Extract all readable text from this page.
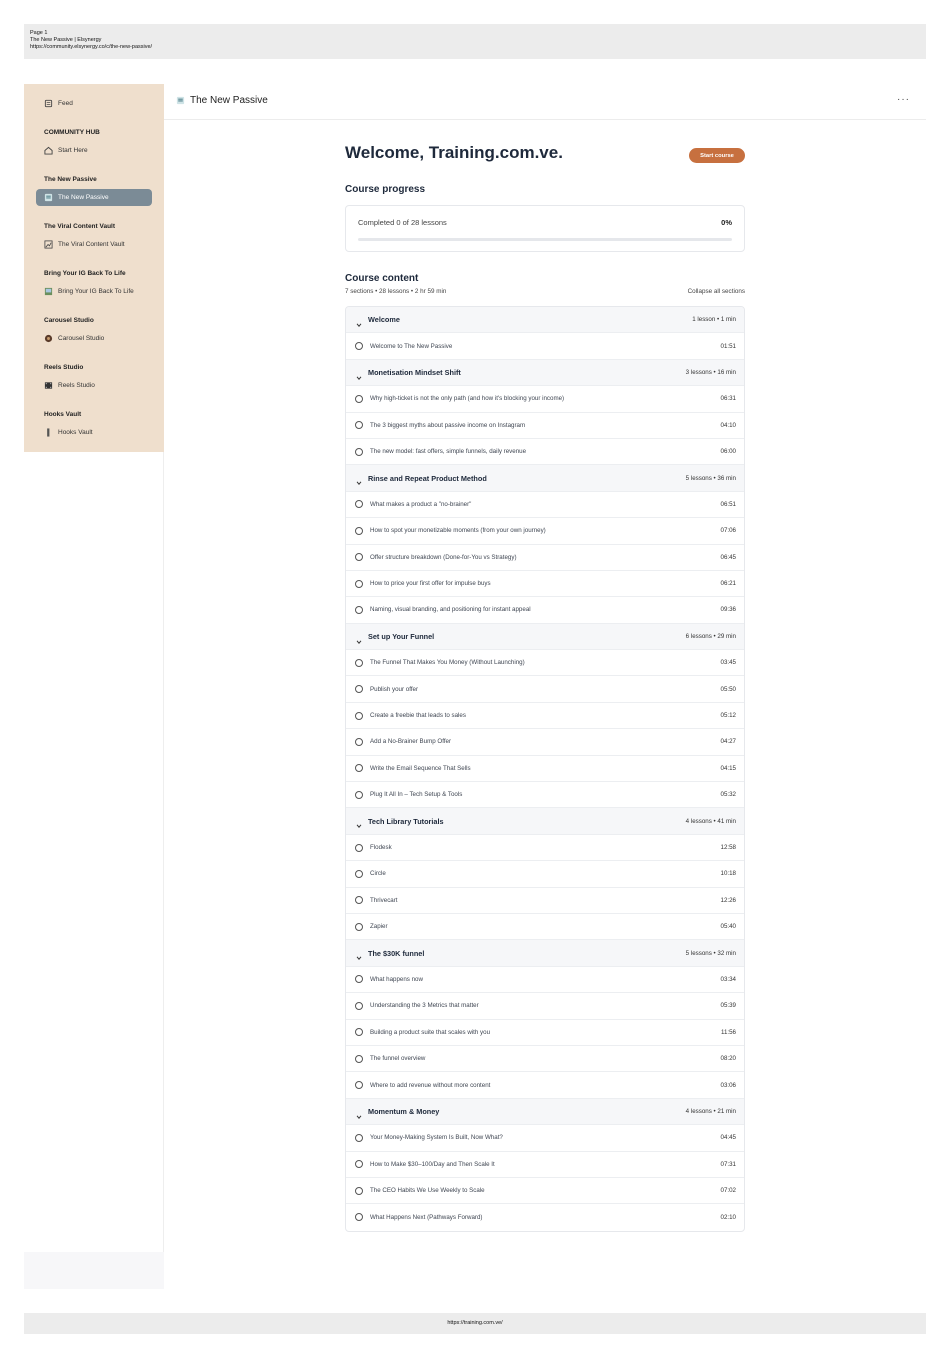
Page 1
The New Passive | Elsynergy
https://community.elsynergy.co/c/the-new-passive/
Feed
COMMUNITY HUB
Start Here
The New Passive
The New Passive
The Viral Content Vault
The Viral Content Vault
Bring Your IG Back To Life
Bring Your IG Back To Life
Carousel Studio
Carousel Studio
Reels Studio
Reels Studio
Hooks Vault
Hooks Vault
The New Passive	···
Welcome, Training.com.ve.	Start course
Course progress
Completed 0 of 28 lessons	0%
Course content
7 sections • 28 lessons • 2 hr 59 min	Collapse all sections
Welcome	1 lesson • 1 min
Welcome to The New Passive	01:51
Monetisation Mindset Shift	3 lessons • 16 min
Why high-ticket is not the only path (and how it's blocking your income)	06:31
The 3 biggest myths about passive income on Instagram	04:10
The new model: fast offers, simple funnels, daily revenue	06:00
Rinse and Repeat Product Method	5 lessons • 36 min
What makes a product a "no-brainer"	06:51
How to spot your monetizable moments (from your own journey)	07:06
Offer structure breakdown (Done-for-You vs Strategy)	06:45
How to price your first offer for impulse buys	06:21
Naming, visual branding, and positioning for instant appeal	09:36
Set up Your Funnel	6 lessons • 29 min
The Funnel That Makes You Money (Without Launching)	03:45
Publish your offer	05:50
Create a freebie that leads to sales	05:12
Add a No-Brainer Bump Offer	04:27
Write the Email Sequence That Sells	04:15
Plug It All In – Tech Setup & Tools	05:32
Tech Library Tutorials	4 lessons • 41 min
Flodesk	12:58
Circle	10:18
Thrivecart	12:26
Zapier	05:40
The $30K funnel	5 lessons • 32 min
What happens now	03:34
Understanding the 3 Metrics that matter	05:39
Building a product suite that scales with you	11:56
The funnel overview	08:20
Where to add revenue without more content	03:06
Momentum & Money	4 lessons • 21 min
Your Money-Making System Is Built, Now What?	04:45
How to Make $30–100/Day and Then Scale It	07:31
The CEO Habits We Use Weekly to Scale	07:02
What Happens Next (Pathways Forward)	02:10
https://training.com.ve/
